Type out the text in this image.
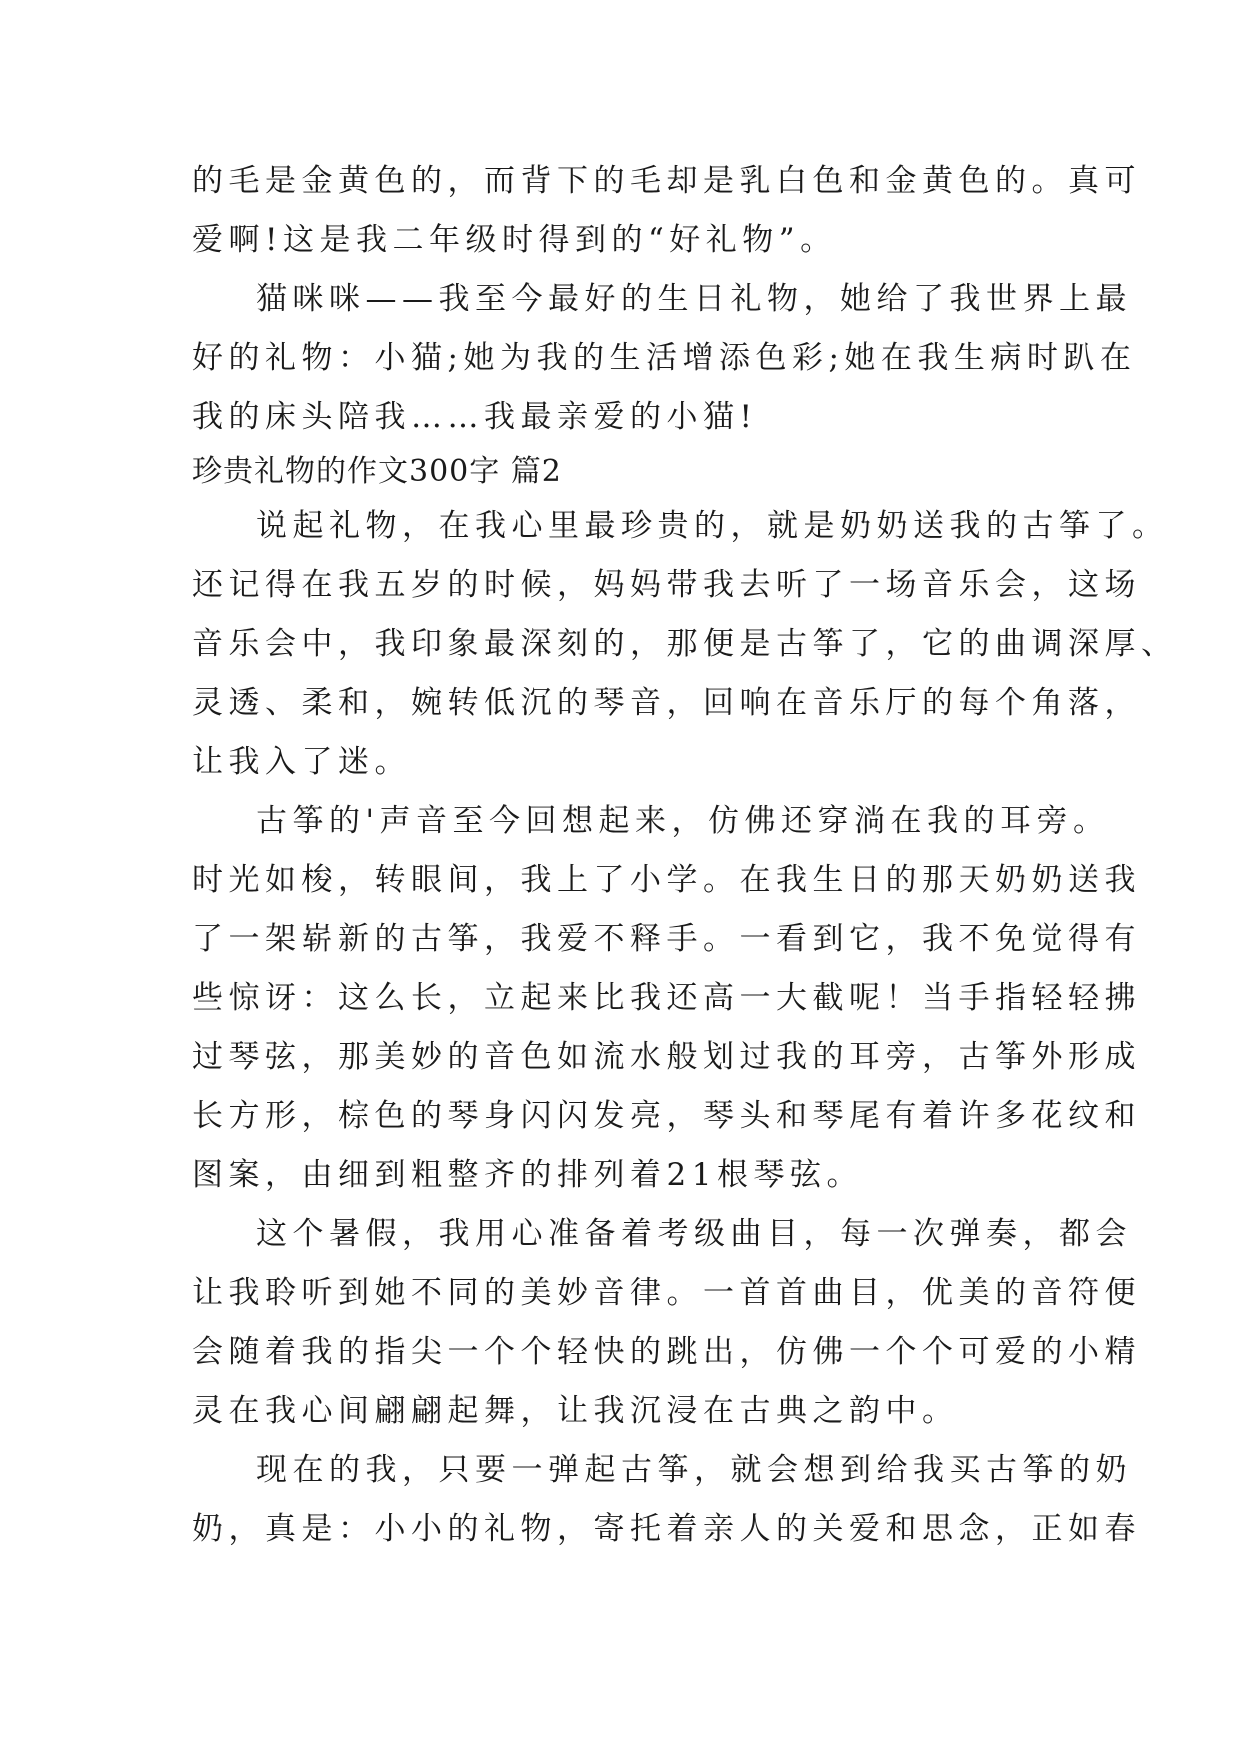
的毛是金黄色的，而背下的毛却是乳白色和金黄色的。真可
爱啊!这是我二年级时得到的“好礼物”。
猫咪咪——我至今最好的生日礼物，她给了我世界上最
好的礼物：小猫;她为我的生活增添色彩;她在我生病时趴在
我的床头陪我……我最亲爱的小猫!
珍贵礼物的作文300字 篇2
说起礼物，在我心里最珍贵的，就是奶奶送我的古筝了。
还记得在我五岁的时候，妈妈带我去听了一场音乐会，这场
音乐会中，我印象最深刻的，那便是古筝了，它的曲调深厚、
灵透、柔和，婉转低沉的琴音，回响在音乐厅的每个角落，
让我入了迷。
古筝的'声音至今回想起来，仿佛还穿淌在我的耳旁。
时光如梭，转眼间，我上了小学。在我生日的那天奶奶送我
了一架崭新的古筝，我爱不释手。一看到它，我不免觉得有
些惊讶：这么长，立起来比我还高一大截呢！当手指轻轻拂
过琴弦，那美妙的音色如流水般划过我的耳旁，古筝外形成
长方形，棕色的琴身闪闪发亮，琴头和琴尾有着许多花纹和
图案，由细到粗整齐的排列着21根琴弦。
这个暑假，我用心准备着考级曲目，每一次弹奏，都会
让我聆听到她不同的美妙音律。一首首曲目，优美的音符便
会随着我的指尖一个个轻快的跳出，仿佛一个个可爱的小精
灵在我心间翩翩起舞，让我沉浸在古典之韵中。
现在的我，只要一弹起古筝，就会想到给我买古筝的奶
奶，真是：小小的礼物，寄托着亲人的关爱和思念，正如春
